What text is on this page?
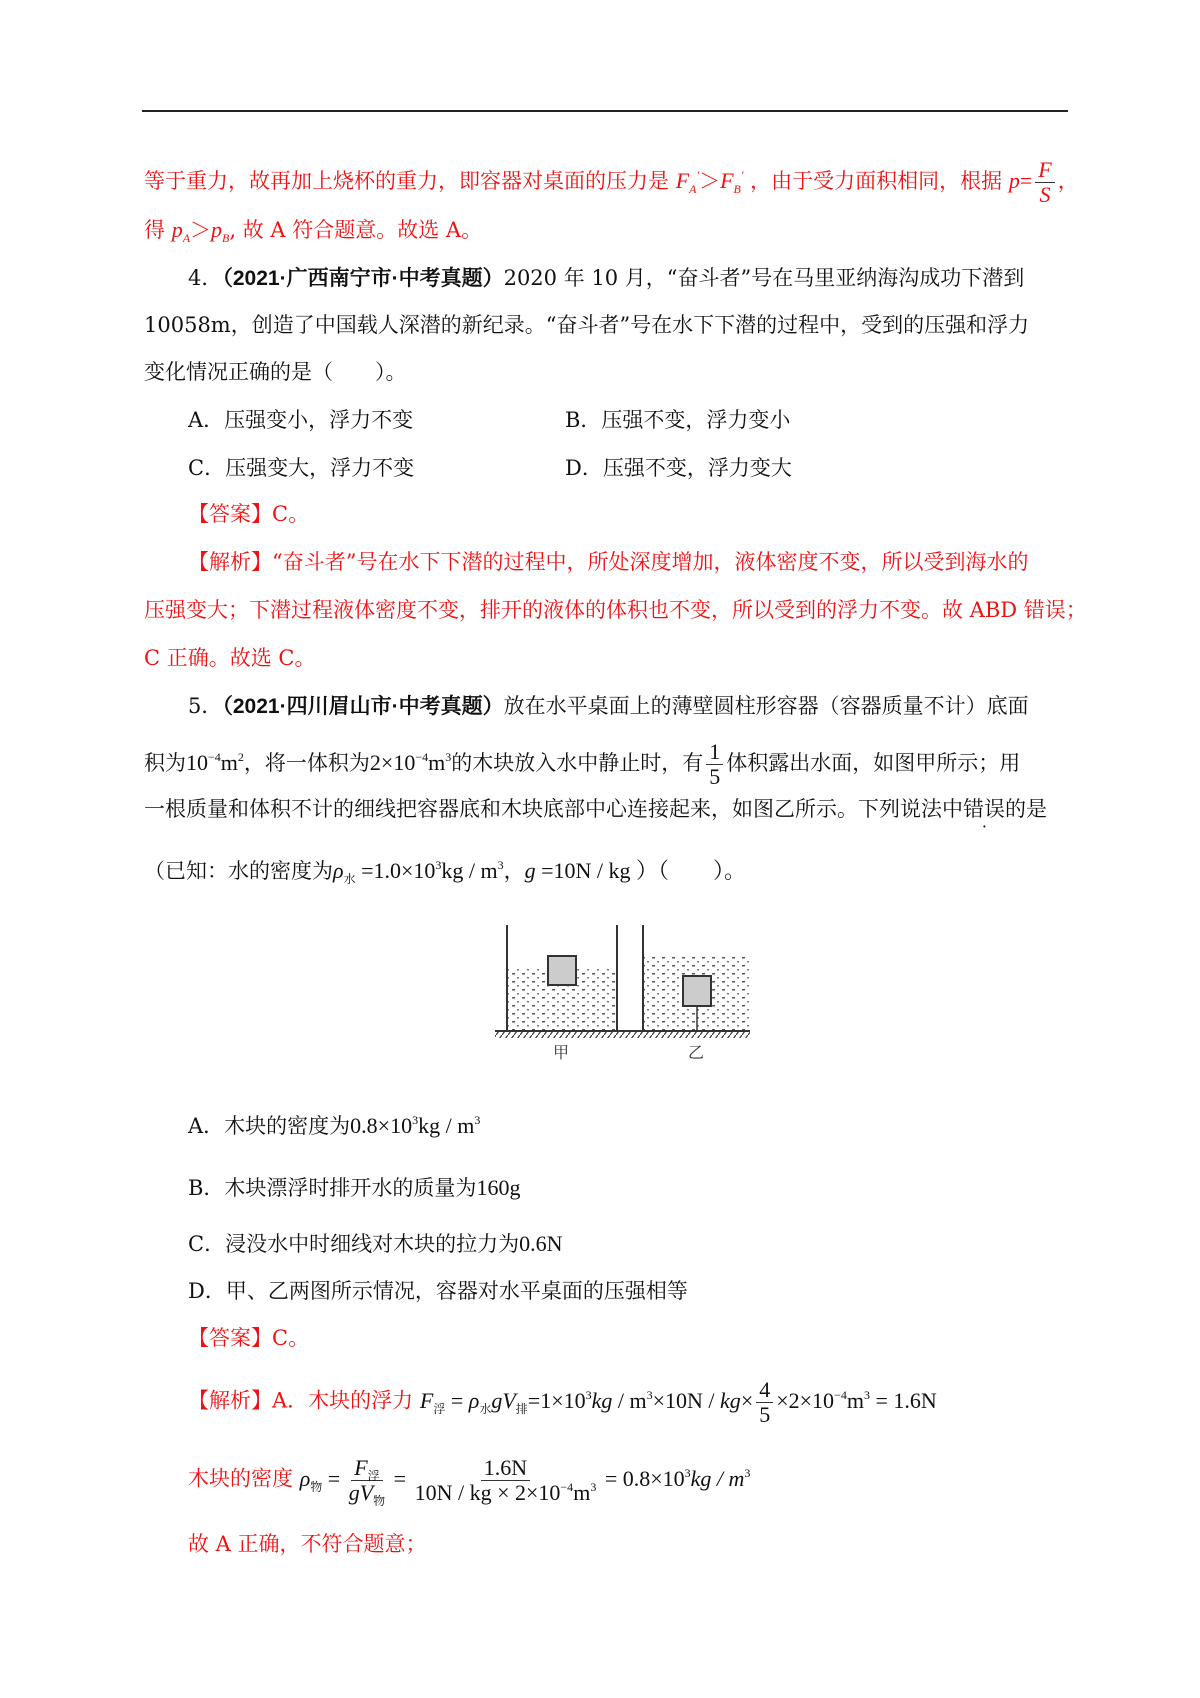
等于重力，故再加上烧杯的重力，即容器对桌面的压力是 $F_A'>F_B'$ ，由于受力面积相同，根据 $p= \frac{F}{S}$ ，
得 $p_A>p_B$, 故 A 符合题意。故选 A。
4．（2021·广西南宁市·中考真题）2020 年 10 月，“奋斗者”号在马里亚纳海沟成功下潜到
10058m，创造了中国载人深潜的新纪录。“奋斗者”号在水下下潜的过程中，受到的压强和浮力
变化情况正确的是（　　）。
A．压强变小，浮力不变	B．压强不变，浮力变小
C．压强变大，浮力不变	D．压强不变，浮力变大
【答案】C。
【解析】“奋斗者”号在水下下潜的过程中，所处深度增加，液体密度不变，所以受到海水的
压强变大；下潜过程液体密度不变，排开的液体的体积也不变，所以受到的浮力不变。故 ABD 错误；
C 正确。故选 C。
5．（2021·四川眉山市·中考真题）放在水平桌面上的薄壁圆柱形容器（容器质量不计）底面
积为$10^{-4}m^2$，将一体积为$2\times 10^{-4}m^3$的木块放入水中静止时，有 $\frac{1}{5}$ 体积露出水面，如图甲所示；用
一根质量和体积不计的细线把容器底和木块底部中心连接起来，如图乙所示。下列说法中错误的是
（已知：水的密度为$\rho_水 =1.0\times 10^3kg / m^3$，g =10N / kg ）（　　）。
甲	乙
A．木块的密度为$0.8\times 10^3kg / m^3$
B．木块漂浮时排开水的质量为160g
C．浸没水中时细线对木块的拉力为0.6N
D．甲、乙两图所示情况，容器对水平桌面的压强相等
【答案】C。
【解析】A．木块的浮力 $F_浮 = \rho_水gV_排=1\times 10^3kg / m^3\times 10N / kg\times \frac{4}{5} \times 2\times 10^{-4}m^3 = 1.6N$
木块的密度 $\rho_物 = \frac{F_浮}{gV_物} = \frac{1.6N}{10N / kg \times 2\times 10^{-4}m^3} = 0.8\times 10^3kg / m^3$
故 A 正确，不符合题意；
